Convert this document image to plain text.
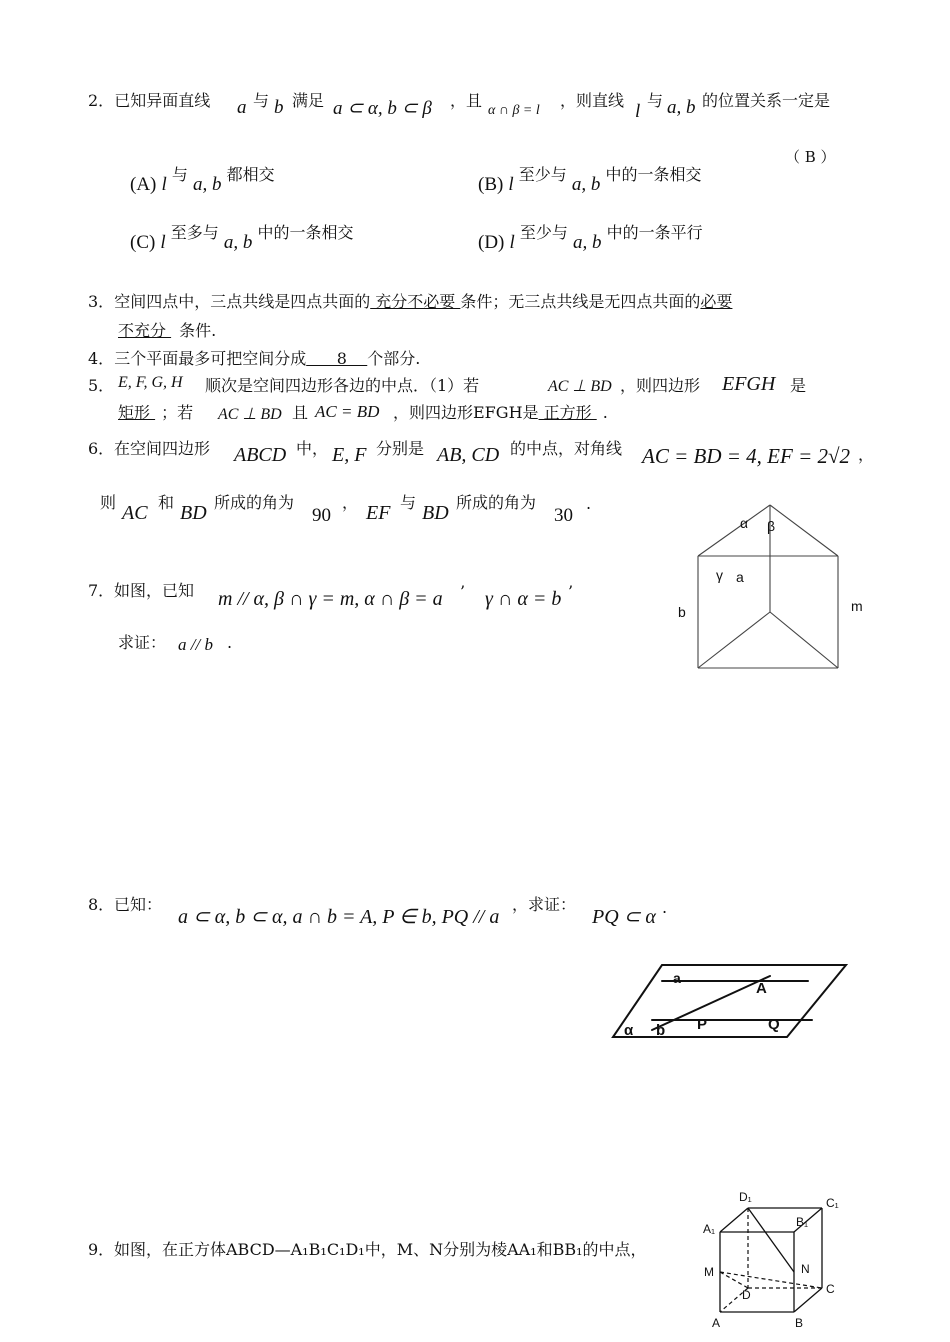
2．已知异面直线 a 与 b 满足 a ⊂ α, b ⊂ β ，且
α ∩ β = l
，则直线
l
与 a, b 的位置关系一定是
（ B ）
(A) l 与 a, b 都相交	(B) l 至少与 a, b 中的一条相交
(C) l 至多与 a, b 中的一条相交	(D) l 至少与 a, b 中的一条平行
3．空间四点中，三点共线是四点共面的 充分不必要 条件；无三点共线是无四点共面的必要
不充分 条件.
4．三个平面最多可把空间分成      8    个部分.
5． E, F, G, H 顺次是空间四边形各边的中点．（1）若	AC ⊥ BD ，则四边形 EFGH 是
矩形 ；若 AC ⊥ BD 且 AC = BD ，则四边形EFGH是 正方形 .
6． 在空间四边形 ABCD 中， E, F 分别是 AB, CD 的中点，对角线 AC = BD = 4, EF = 2√2 ，
则 AC 和 BD 所成的角为
90
， EF 与 BD 所成的角为
30
.
7． 如图，已知 m // α, β ∩ γ = m, α ∩ β = a ’ γ ∩ α = b ’
求证： a // b .
α β
γ a
b	m
8． 已知：
a ⊂ α, b ⊂ α, a ∩ b = A, P ∈ b, PQ // a
，求证：
PQ ⊂ α .
a
A
α b P	Q
9． 如图，在正方体ABCD—A₁B₁C₁D₁中，M、N分别为棱AA₁和BB₁的中点，
D₁	C₁
A₁	B₁
M	N
C
D
A	B
